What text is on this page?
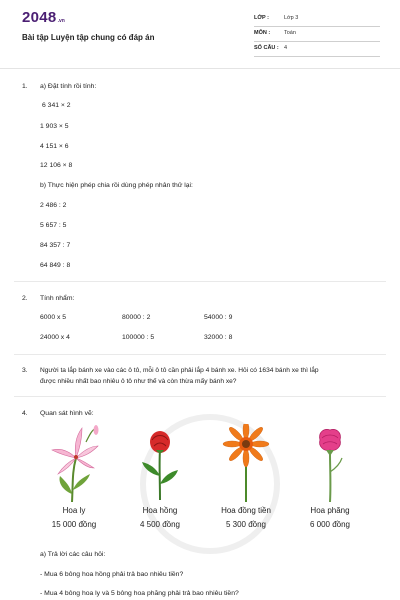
2048 .vn
Bài tập Luyện tập chung có đáp án
LỚP :	Lớp 3
MÔN :	Toán
SỐ CÂU : 4
1. a) Đặt tính rồi tính:
6 341 × 2
1 903 × 5
4 151 × 6
12 106 × 8
b) Thực hiện phép chia rồi dùng phép nhân thử lại:
2 486 : 2
5 657 : 5
84 357 : 7
64 849 : 8
2. Tính nhẩm:
6000 x 5	80000 : 2	54000 : 9
24000 x 4	100000 : 5	32000 : 8
3. Người ta lắp bánh xe vào các ô tô, mỗi ô tô cần phải lắp 4 bánh xe. Hỏi có 1634 bánh xe thì lắp
được nhiều nhất bao nhiêu ô tô như thế và còn thừa mấy bánh xe?
4. Quan sát hình vẽ:
Hoa ly
15 000 đồng
Hoa hồng
4 500 đồng
Hoa đồng tiền
5 300 đồng
Hoa phăng
6 000 đồng
a) Trả lời các câu hỏi:
- Mua 6 bông hoa hồng phải trả bao nhiêu tiền?
- Mua 4 bông hoa ly và 5 bông hoa phăng phải trả bao nhiêu tiền?
